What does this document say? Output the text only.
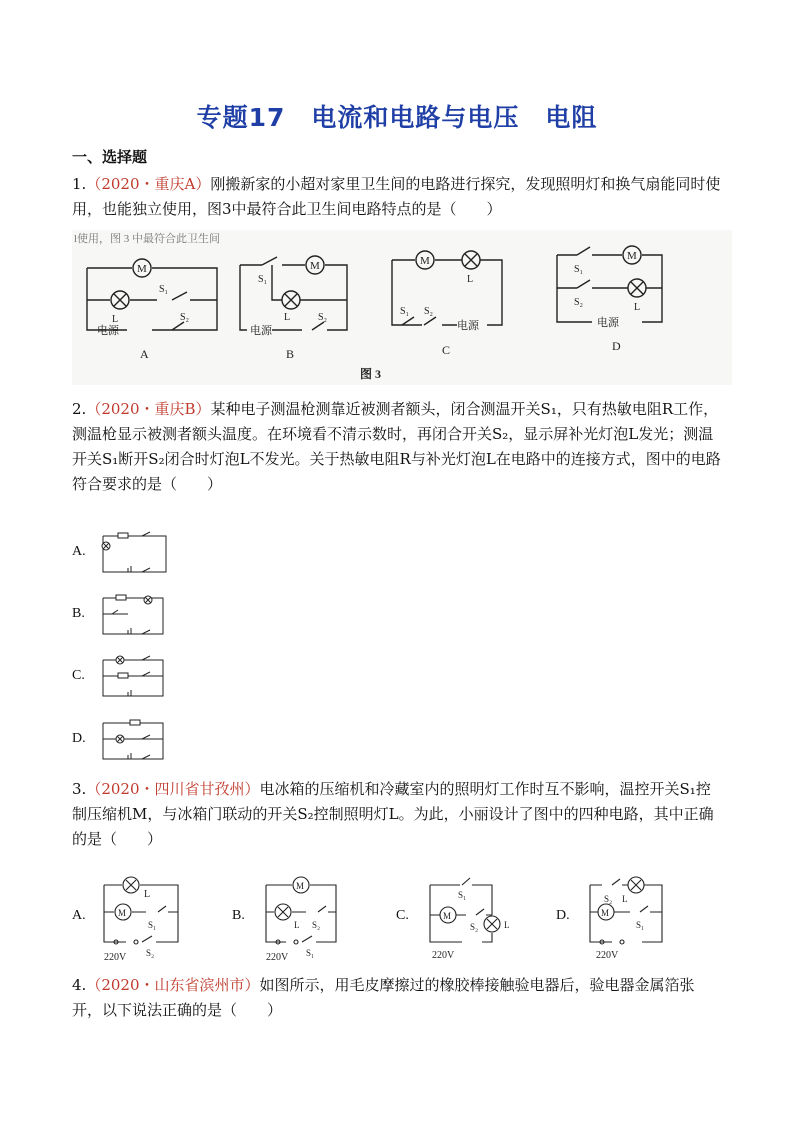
专题17　电流和电路与电压　电阻
一、选择题
1.（2020・重庆A）刚搬新家的小超对家里卫生间的电路进行探究，发现照明灯和换气扇能同时使用，也能独立使用，图3中最符合此卫生间电路特点的是（　　）
l使用，图 3 中最符合此卫生间
M
L
S₁
S₂
电源
A
S₁
M
L	S₂
电源
B
M
L
S₁ S₂
电源
C
S₁
M
S₂	L
电源
D
图 3
2.（2020・重庆B）某种电子测温枪测靠近被测者额头，闭合测温开关S₁，只有热敏电阻R工作，测温枪显示被测者额头温度。在环境看不清示数时，再闭合开关S₂，显示屏补光灯泡L发光；测温开关S₁断开S₂闭合时灯泡L不发光。关于热敏电阻R与补光灯泡L在电路中的连接方式，图中的电路符合要求的是（　　）
A.
B.
C.
D.
3.（2020・四川省甘孜州）电冰箱的压缩机和冷藏室内的照明灯工作时互不影响，温控开关S₁控制压缩机M，与冰箱门联动的开关S₂控制照明灯L。为此，小丽设计了图中的四种电路，其中正确的是（　　）
A.
L
M
S₁
S₂
220V
B.
M
L S₂
S₁
220V
C.
S₁
M
S₂	L
220V
D.
S₂ L
M
S₁
220V
4.（2020・山东省滨州市）如图所示，用毛皮摩擦过的橡胶棒接触验电器后，验电器金属箔张开，以下说法正确的是（　　）
